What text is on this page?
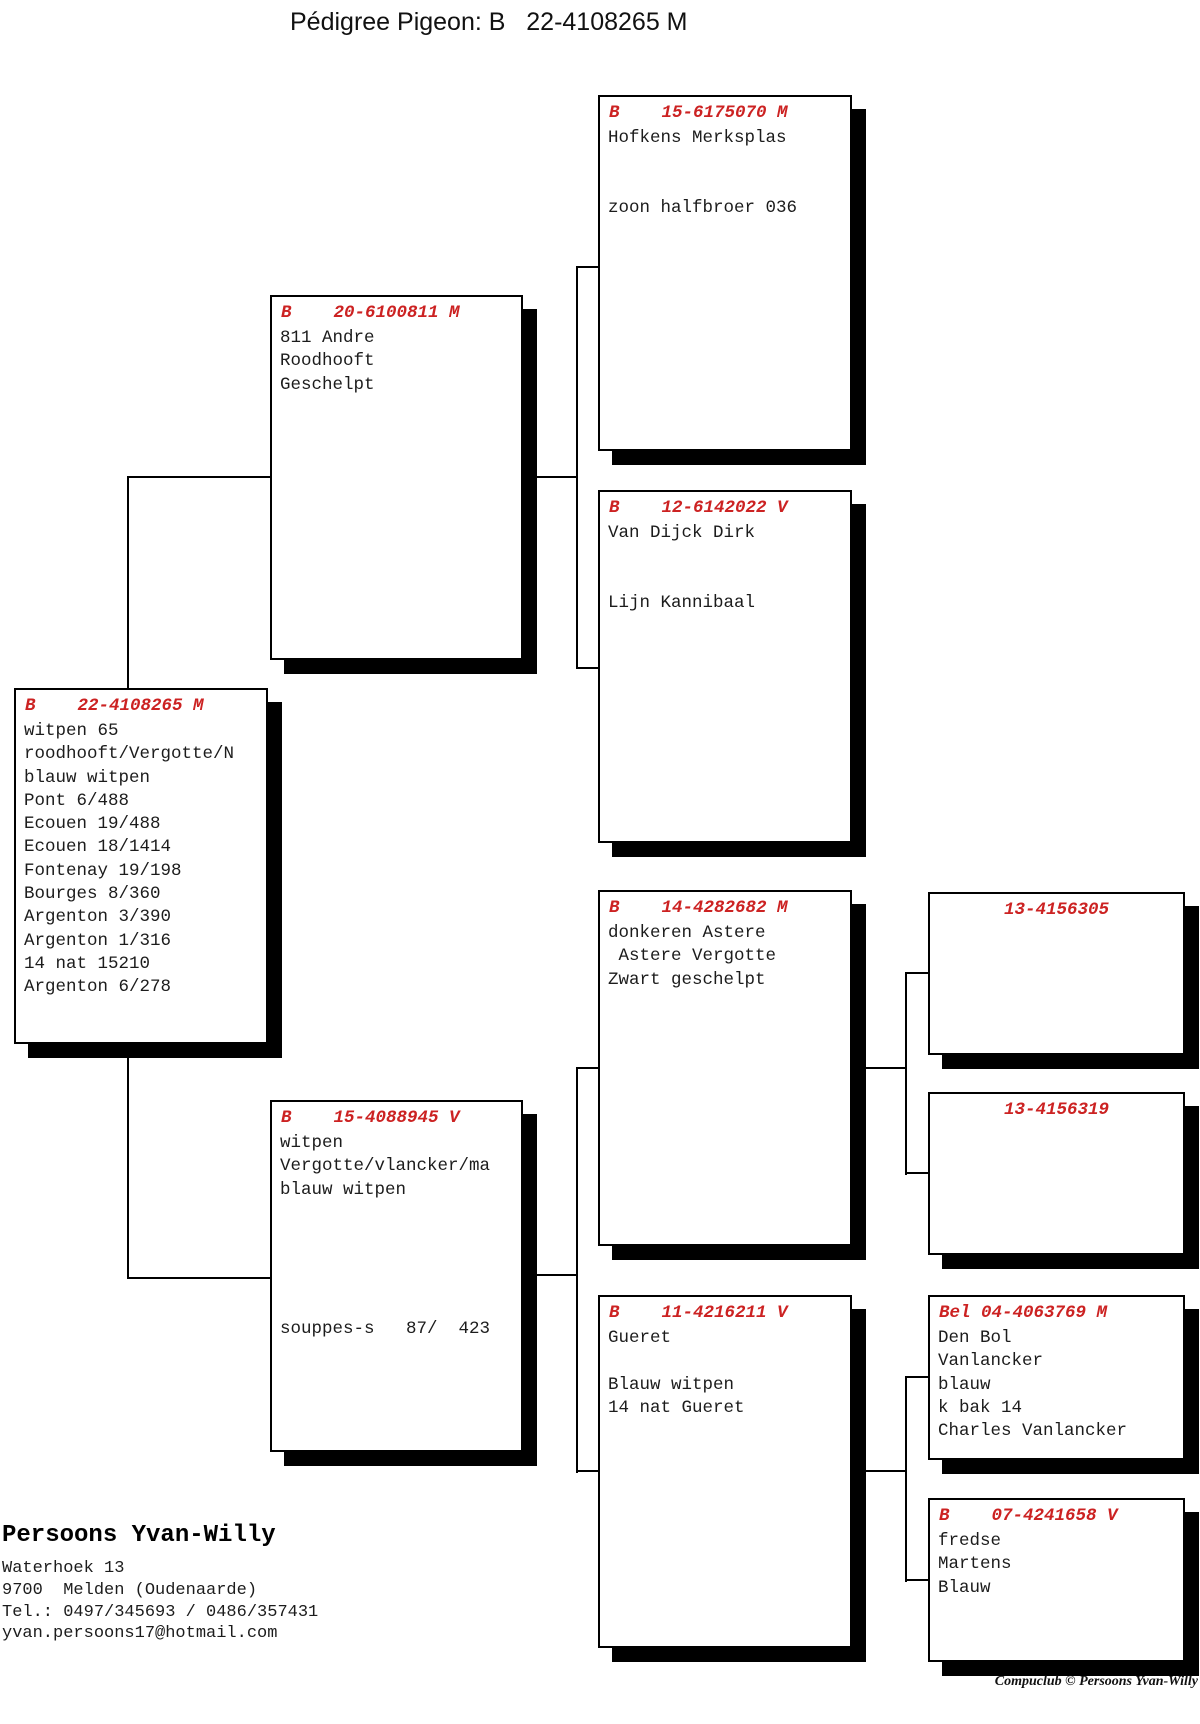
Pédigree Pigeon: B   22-4108265 M
B    22-4108265 M
witpen 65
roodhooft/Vergotte/N
blauw witpen
Pont 6/488
Ecouen 19/488
Ecouen 18/1414
Fontenay 19/198
Bourges 8/360
Argenton 3/390
Argenton 1/316
14 nat 15210
Argenton 6/278
B    20-6100811 M
811 Andre
Roodhooft
Geschelpt
B    15-4088945 V
witpen
Vergotte/vlancker/ma
blauw witpen
souppes-s   87/  423
B    15-6175070 M
Hofkens Merksplas
zoon halfbroer 036
B    12-6142022 V
Van Dijck Dirk
Lijn Kannibaal
B    14-4282682 M
donkeren Astere
Astere Vergotte
Zwart geschelpt
B    11-4216211 V
Gueret
Blauw witpen
14 nat Gueret
13-4156305
13-4156319
Bel 04-4063769 M
Den Bol
Vanlancker
blauw
k bak 14
Charles Vanlancker
B    07-4241658 V
fredse
Martens
Blauw
Persoons Yvan-Willy
Waterhoek 13
9700  Melden (Oudenaarde)
Tel.: 0497/345693 / 0486/357431
yvan.persoons17@hotmail.com
Compuclub © Persoons Yvan-Willy
